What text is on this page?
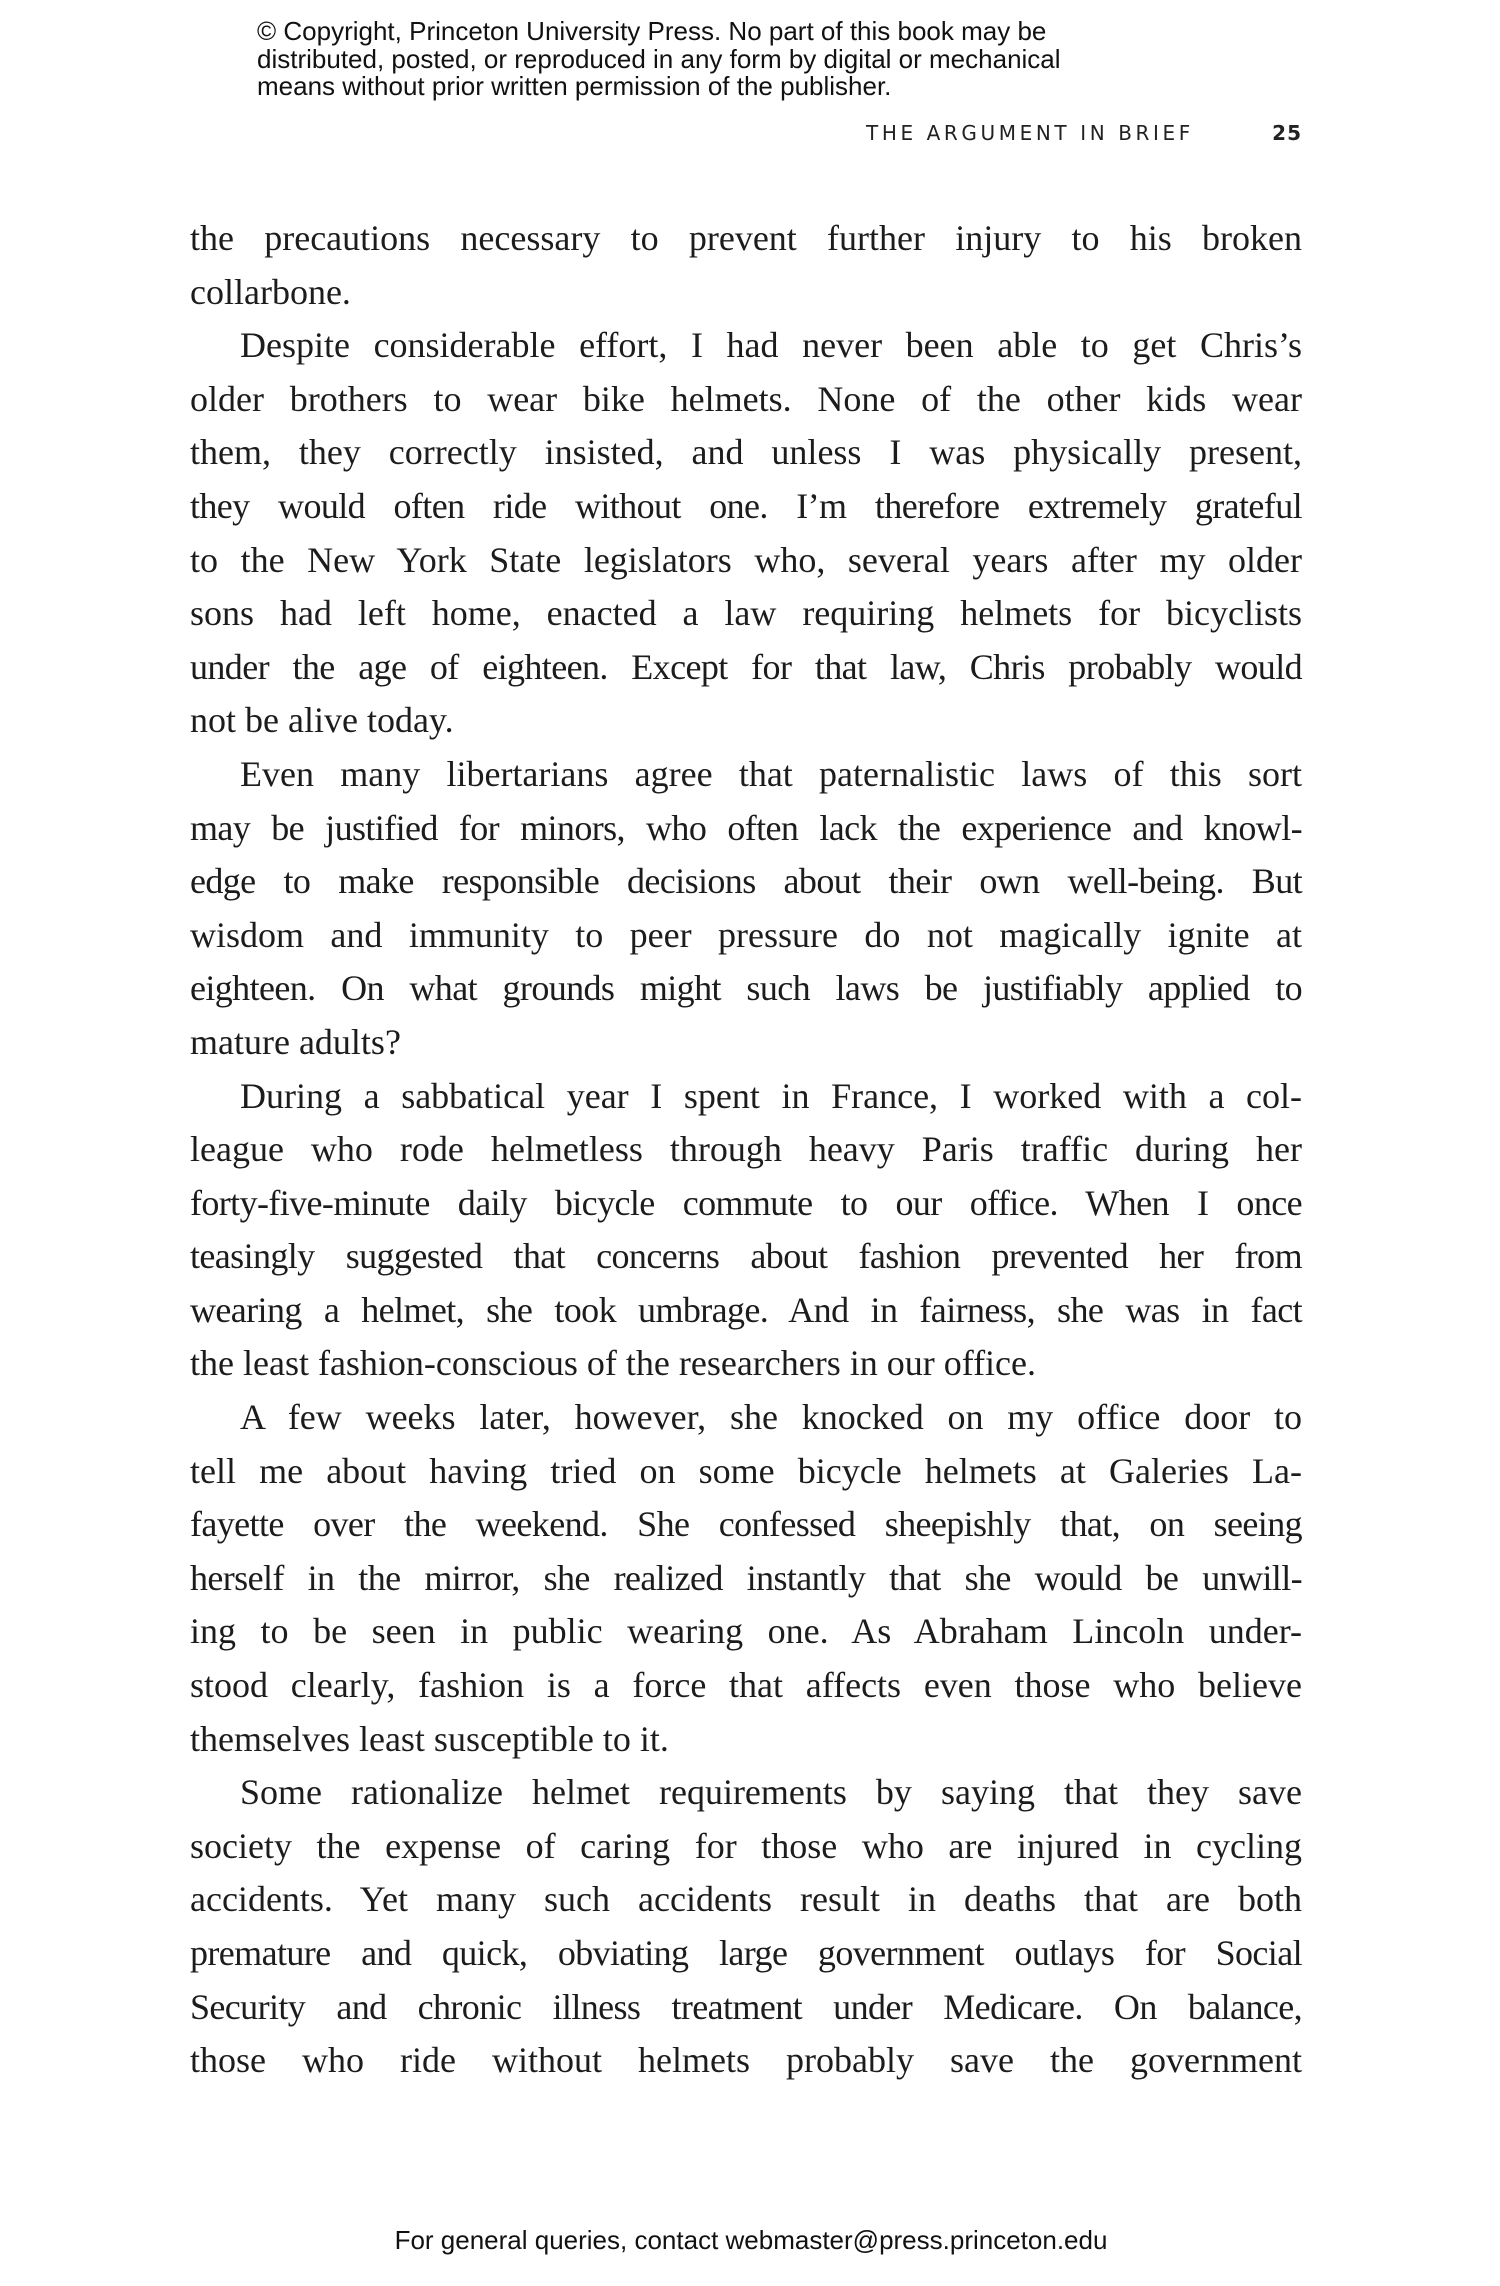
© Copyright, Princeton University Press. No part of this book may be
distributed, posted, or reproduced in any form by digital or mechanical
means without prior written permission of the publisher.
THE ARGUMENT IN BRIEF	25
the precautions necessary to prevent further injury to his broken
collarbone.
Despite considerable effort, I had never been able to get Chris’s
older brothers to wear bike helmets. None of the other kids wear
them, they correctly insisted, and unless I was physically present,
they would often ride without one. I’m therefore extremely grateful
to the New York State legislators who, several years after my older
sons had left home, enacted a law requiring helmets for bicyclists
under the age of eighteen. Except for that law, Chris probably would
not be alive today.
Even many libertarians agree that paternalistic laws of this sort
may be justified for minors, who often lack the experience and knowl-
edge to make responsible decisions about their own well-being. But
wisdom and immunity to peer pressure do not magically ignite at
eighteen. On what grounds might such laws be justifiably applied to
mature adults?
During a sabbatical year I spent in France, I worked with a col-
league who rode helmetless through heavy Paris traffic during her
forty-five-minute daily bicycle commute to our office. When I once
teasingly suggested that concerns about fashion prevented her from
wearing a helmet, she took umbrage. And in fairness, she was in fact
the least fashion-conscious of the researchers in our office.
A few weeks later, however, she knocked on my office door to
tell me about having tried on some bicycle helmets at Galeries La-
fayette over the weekend. She confessed sheepishly that, on seeing
herself in the mirror, she realized instantly that she would be unwill-
ing to be seen in public wearing one. As Abraham Lincoln under-
stood clearly, fashion is a force that affects even those who believe
themselves least susceptible to it.
Some rationalize helmet requirements by saying that they save
society the expense of caring for those who are injured in cycling
accidents. Yet many such accidents result in deaths that are both
premature and quick, obviating large government outlays for Social
Security and chronic illness treatment under Medicare. On balance,
those who ride without helmets probably save the government
For general queries, contact webmaster@press.princeton.edu
